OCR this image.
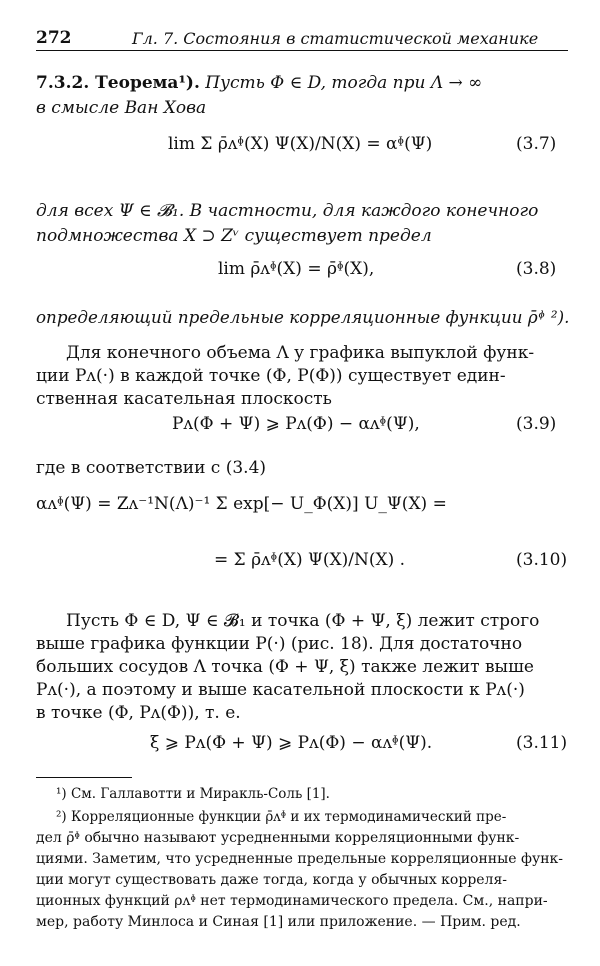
272	Гл. 7. Состояния в статистической механике
7.3.2. Теорема¹). Пусть Φ ∈ D, тогда при Λ → ∞
в смысле Ван Хова
lim Σ ρ̄ᴧᶲ(X) Ψ(X)/N(X) = αᶲ(Ψ)	(3.7)
для всех Ψ ∈ 𝓑₁. В частности, для каждого конечного
подмножества X ⊃ Zᵛ существует предел
lim ρ̄ᴧᶲ(X) = ρ̄ᶲ(X),	(3.8)
определяющий предельные корреляционные функции ρ̄ᶲ ²).
Для конечного объема Λ у графика выпуклой функ-
ции Pᴧ(·) в каждой точке (Φ, P(Φ)) существует един-
ственная касательная плоскость
Pᴧ(Φ + Ψ) ⩾ Pᴧ(Φ) − αᴧᶲ(Ψ),	(3.9)
где в соответствии с (3.4)
αᴧᶲ(Ψ) = Zᴧ⁻¹N(Λ)⁻¹ Σ exp[− U_Φ(X)] U_Ψ(X) =
= Σ ρ̄ᴧᶲ(X) Ψ(X)/N(X) .	(3.10)
Пусть Φ ∈ D, Ψ ∈ 𝓑₁ и точка (Φ + Ψ, ξ) лежит строго
выше графика функции P(·) (рис. 18). Для достаточно
больших сосудов Λ точка (Φ + Ψ, ξ) также лежит выше
Pᴧ(·), а поэтому и выше касательной плоскости к Pᴧ(·)
в точке (Φ, Pᴧ(Φ)), т. е.
ξ ⩾ Pᴧ(Φ + Ψ) ⩾ Pᴧ(Φ) − αᴧᶲ(Ψ).	(3.11)
¹) См. Галлавотти и Миракль-Соль [1].
²) Корреляционные функции ρ̄ᴧᶲ и их термодинамический пре-
дел ρ̄ᶲ обычно называют усредненными корреляционными функ-
циями. Заметим, что усредненные предельные корреляционные функ-
ции могут существовать даже тогда, когда у обычных корреля-
ционных функций ρᴧᶲ нет термодинамического предела. См., напри-
мер, работу Минлоса и Синая [1] или приложение. — Прим. ред.
